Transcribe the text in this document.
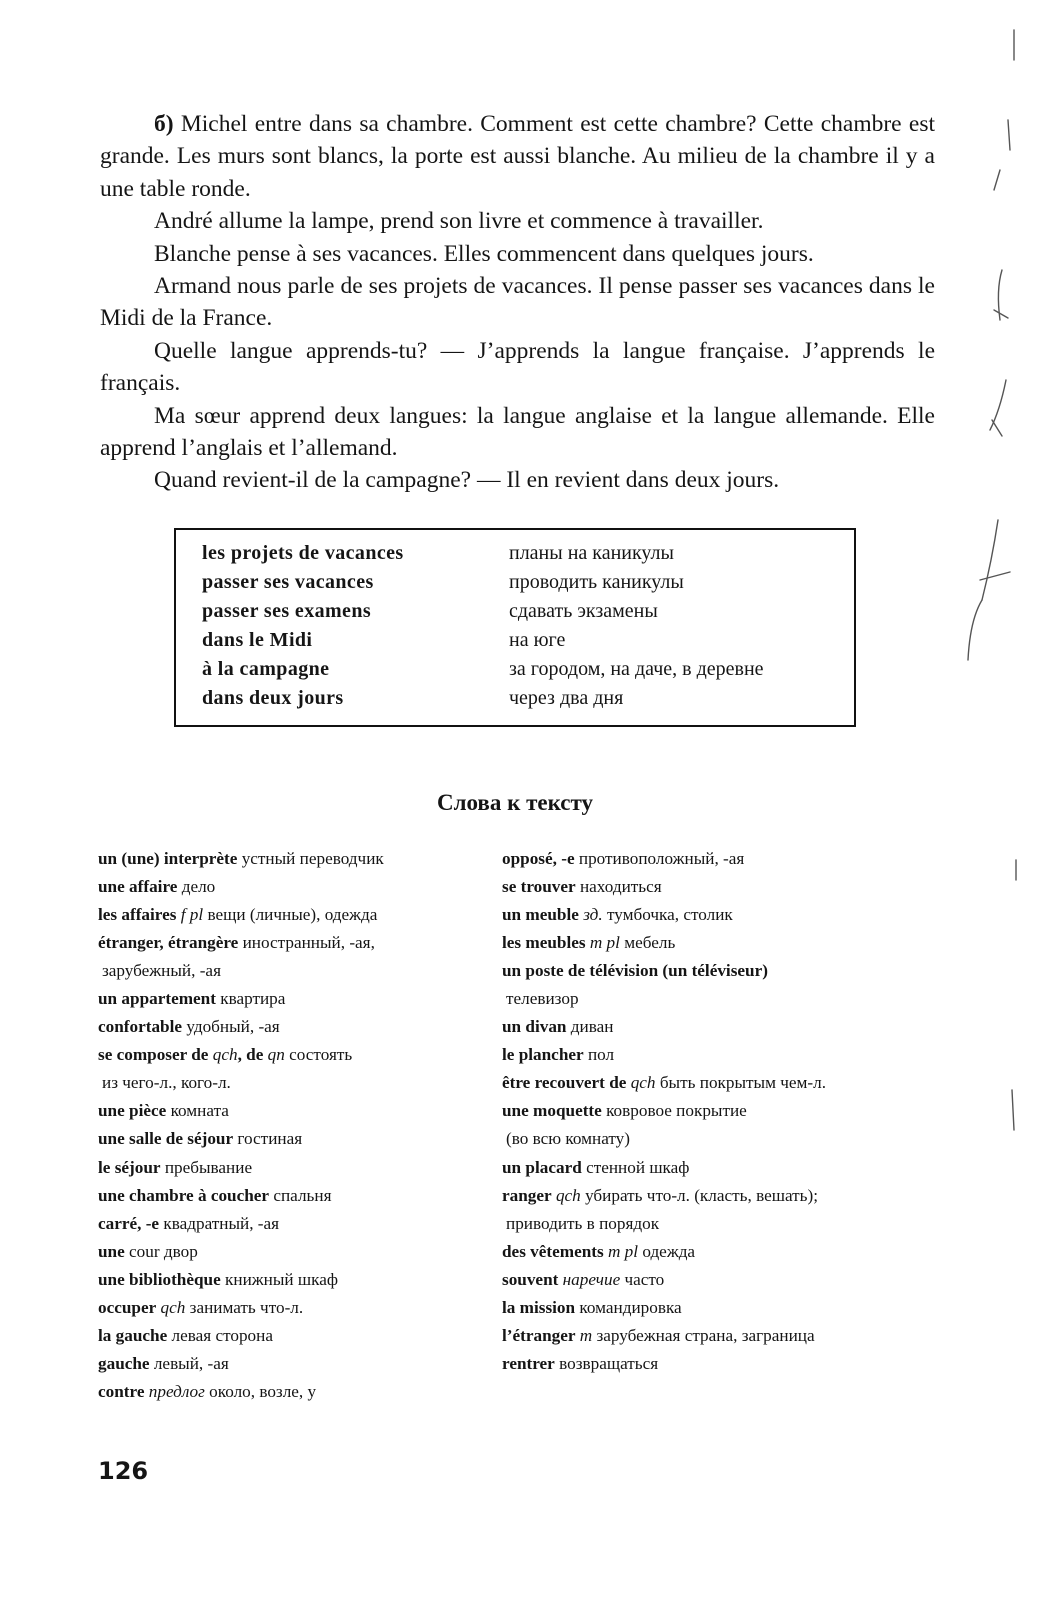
б) Michel entre dans sa chambre. Comment est cette chambre? Cette chambre est grande. Les murs sont blancs, la porte est aussi blanche. Au milieu de la chambre il y a une table ronde.

André allume la lampe, prend son livre et commence à travailler.

Blanche pense à ses vacances. Elles commencent dans quelques jours.

Armand nous parle de ses projets de vacances. Il pense passer ses vacances dans le Midi de la France.

Quelle langue apprends-tu? — J’apprends la langue française. J’apprends le français.

Ma sœur apprend deux langues: la langue anglaise et la langue allemande. Elle apprend l’anglais et l’allemand.

Quand revient-il de la campagne? — Il en revient dans deux jours.

les projets de vacances	планы на каникулы
passer ses vacances	проводить каникулы
passer ses examens	сдавать экзамены
dans le Midi	на юге
à la campagne	за городом, на даче, в деревне
dans deux jours	через два дня
Слова к тексту
un (une) interprète устный переводчик
une affaire дело
les affaires f pl вещи (личные), одежда
étranger, étrangère иностранный, -ая,
зарубежный, -ая
un appartement квартира
confortable удобный, -ая
se composer de qch, de qn состоять
из чего-л., кого-л.
une pièce комната
une salle de séjour гостиная
le séjour пребывание
une chambre à coucher спальня
carré, -e квадратный, -ая
une cour двор
une bibliothèque книжный шкаф
occuper qch занимать что-л.
la gauche левая сторона
gauche левый, -ая
contre предлог около, возле, у
opposé, -e противоположный, -ая
se trouver находиться
un meuble зд. тумбочка, столик
les meubles m pl мебель
un poste de télévision (un téléviseur)
телевизор
un divan диван
le plancher пол
être recouvert de qch быть покрытым чем-л.
une moquette ковровое покрытие
(во всю комнату)
un placard стенной шкаф
ranger qch убирать что-л. (класть, вешать);
приводить в порядок
des vêtements m pl одежда
souvent наречие часто
la mission командировка
l’étranger m зарубежная страна, заграница
rentrer возвращаться
126
